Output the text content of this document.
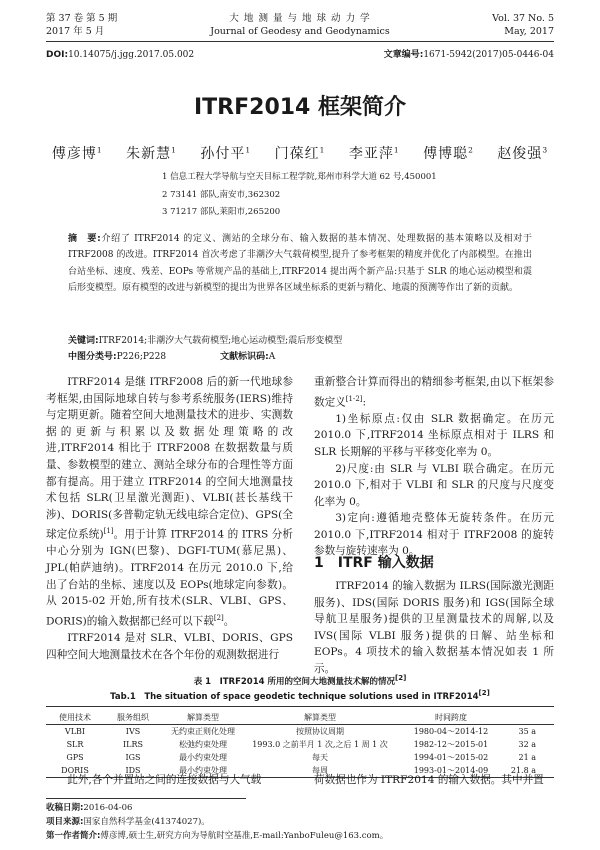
第 37 卷 第 5 期
2017 年 5 月
大 地 测 量 与 地 球 动 力 学
Journal of Geodesy and Geodynamics
Vol. 37 No. 5
May, 2017
DOI:10.14075/j.jgg.2017.05.002	文章编号:1671-5942(2017)05-0446-04
ITRF2014 框架简介
傅彦博$^1$ 朱新慧$^1$ 孙付平$^1$ 门葆红$^1$ 李亚萍$^1$ 傅博聪$^2$ 赵俊强$^3$
1 信息工程大学导航与空天目标工程学院,郑州市科学大道 62 号,450001
2 73141 部队,南安市,362302
3 71217 部队,莱阳市,265200
摘　要:介绍了 ITRF2014 的定义、测站的全球分布、输入数据的基本情况、处理数据的基本策略以及相对于 ITRF2008 的改进。ITRF2014 首次考虑了非潮汐大气载荷模型,提升了参考框架的精度并优化了内部模型。在推出台站坐标、速度、残差、EOPs 等常规产品的基础上,ITRF2014 提出两个新产品:只基于 SLR 的地心运动模型和震后形变模型。原有模型的改进与新模型的提出为世界各区域坐标系的更新与精化、地震的预测等作出了新的贡献。
关键词:ITRF2014;非潮汐大气载荷模型;地心运动模型;震后形变模型
中图分类号:P226;P228	文献标识码:A

ITRF2014 是继 ITRF2008 后的新一代地球参考框架,由国际地球自转与参考系统服务(IERS)维持与定期更新。随着空间大地测量技术的进步、实测数据的更新与积累以及数据处理策略的改进,ITRF2014 相比于 ITRF2008 在数据数量与质量、参数模型的建立、测站全球分布的合理性等方面都有提高。用于建立 ITRF2014 的空间大地测量技术包括 SLR(卫星激光测距)、VLBI(甚长基线干涉)、DORIS(多普勒定轨无线电综合定位)、GPS(全球定位系统)[1]。用于计算 ITRF2014 的 ITRS 分析中心分别为 IGN(巴黎)、DGFI-TUM(慕尼黑)、JPL(帕萨迪纳)。ITRF2014 在历元 2010.0 下,给出了台站的坐标、速度以及 EOPs(地球定向参数)。从 2015-02 开始,所有技术(SLR、VLBI、GPS、DORIS)的输入数据都已经可以下载[2]。

ITRF2014 是对 SLR、VLBI、DORIS、GPS 四种空间大地测量技术在各个年份的观测数据进行

重新整合计算而得出的精细参考框架,由以下框架参数定义[1-2]:

1)坐标原点:仅由 SLR 数据确定。在历元 2010.0 下,ITRF2014 坐标原点相对于 ILRS 和 SLR 长期解的平移与平移变化率为 0。

2)尺度:由 SLR 与 VLBI 联合确定。在历元 2010.0 下,相对于 VLBI 和 SLR 的尺度与尺度变化率为 0。

3)定向:遵循地壳整体无旋转条件。在历元 2010.0 下,ITRF2014 相对于 ITRF2008 的旋转参数与旋转速率为 0。

1　ITRF 输入数据

ITRF2014 的输入数据为 ILRS(国际激光测距服务)、IDS(国际 DORIS 服务)和 IGS(国际全球导航卫星服务)提供的卫星测量技术的周解,以及 IVS(国际 VLBI 服务)提供的日解、站坐标和 EOPs。4 项技术的输入数据基本情况如表 1 所示。

表 1　ITRF2014 所用的空间大地测量技术解的情况[2]
Tab.1　The situation of space geodetic technique solutions used in ITRF2014[2]
使用技术	服务组织	解算类型	解算类型	时间跨度	
VLBI	IVS	无约束正则化处理	按照协议周期	1980-04～2014-12	35 a
SLR	ILRS	松弛约束处理	1993.0 之前半月 1 次,之后 1 周 1 次	1982-12～2015-01	32 a
GPS	IGS	最小约束处理	每天	1994-01～2015-02	21 a
DORIS	IDS	最小约束处理	每周	1993-01～2014-09	21.8 a

此外,各个并置站之间的连接数据与大气载	荷数据也作为 ITRF2014 的输入数据。其中并置

收稿日期:2016-04-06
项目来源:国家自然科学基金(41374027)。
第一作者简介:傅彦博,硕士生,研究方向为导航时空基准,E-mail:YanboFuleu@163.com。
